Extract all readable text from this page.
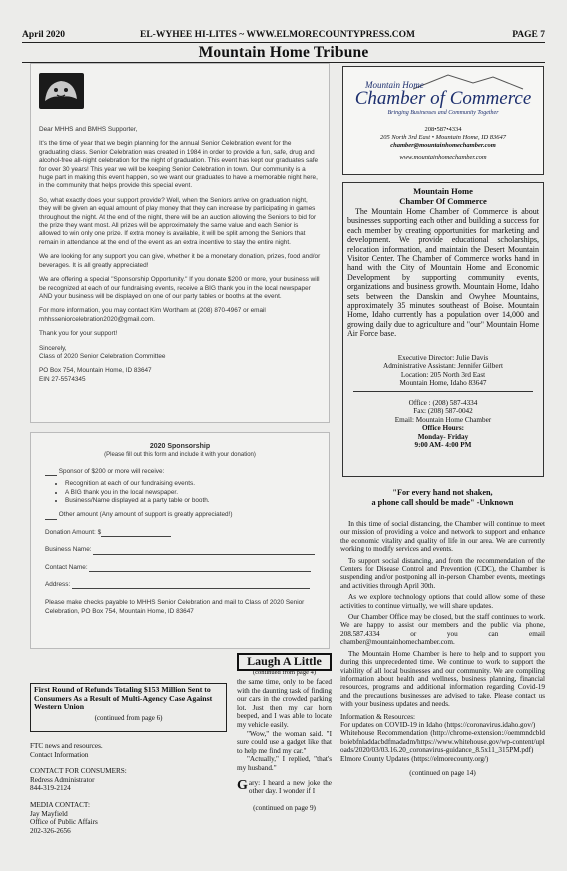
April 2020	EL-WYHEE HI-LITES ~ WWW.ELMORECOUNTYPRESS.COM	PAGE 7
Mountain Home Tribune

Dear MHHS and BMHS Supporter,

It's the time of year that we begin planning for the annual Senior Celebration event for the graduating class. Senior Celebration was created in 1984 in order to provide a fun, safe, drug and alcohol-free all-night celebration for the night of graduation. This event has kept our graduates safe for over 30 years! This year we will be keeping Senior Celebration in town. Our community is a huge part in making this event happen, so we want our graduates to have a memorable night here, in the community that helps provide this special event.

So, what exactly does your support provide? Well, when the Seniors arrive on graduation night, they will be given an equal amount of play money that they can increase by participating in games throughout the night. At the end of the night, there will be an auction allowing the Seniors to bid for the prize they want most. All prizes will be approximately the same value and each Senior is allowed to win only one prize. If extra money is available, it will be split among the Seniors that remain in attendance at the end of the event as an extra incentive to stay the entire night.

We are looking for any support you can give, whether it be a monetary donation, prizes, food and/or beverages. It is all greatly appreciated!

We are offering a special "Sponsorship Opportunity." If you donate $200 or more, your business will be recognized at each of our fundraising events, receive a BIG thank you in the local newspaper AND your business will be displayed on one of our party tables or booths at the event.

For more information, you may contact Kim Wortham at (208) 870-4967 or email mhhsseniorcelebration2020@gmail.com.

Thank you for your support!

Sincerely,
Class of 2020 Senior Celebration Committee
PO Box 754, Mountain Home, ID 83647
EIN 27-5574345
2020 Sponsorship
(Please fill out this form and include it with your donation)
Sponsor of $200 or more will receive:
• Recognition at each of our fundraising events.
• A BIG thank you in the local newspaper.
• Business/Name displayed at a party table or booth.
Other amount (Any amount of support is greatly appreciated!)
Donation Amount: $
Business Name:
Contact Name:
Address:
Please make checks payable to MHHS Senior Celebration and mail to Class of 2020 Senior Celebration, PO Box 754, Mountain Home, ID 83647
Mountain Home
Chamber of Commerce
Bringing Businesses and Community Together
208•587•4334
205 North 3rd East • Mountain Home, ID 83647
chamber@mountainhomechamber.com
www.mountainhomechamber.com
Mountain Home
Chamber Of Commerce
The Mountain Home Chamber of Commerce is about businesses supporting each other and building a success for each member by creating opportunities for marketing and development. We provide educational scholarships, relocation information, and maintain the Desert Mountain Visitor Center. The Chamber of Commerce works hand in hand with the City of Mountain Home and Economic Development by supporting community events, organizations and business growth. Mountain Home, Idaho sets between the Danskin and Owyhee Mountains, approximately 35 minutes southeast of Boise. Mountain Home, Idaho currently has a population over 14,000 and growing daily due to agriculture and "our" Mountain Home Air Force base.
Executive Director: Julie Davis
Administrative Assistant: Jennifer Gilbert
Location: 205 North 3rd East
Mountain Home, Idaho 83647
Office : (208) 587-4334
Fax: (208) 587-0042
Email: Mountain Home Chamber
Office Hours:
Monday- Friday
9:00 AM- 4:00 PM
Laugh A Little
(continued from page 4)
the same time, only to be faced with the daunting task of finding our cars in the crowded parking lot. Just then my car horn beeped, and I was able to locate my vehicle easily.
"Wow," the woman said. "I sure could use a gadget like that to help me find my car."
"Actually," I replied, "that's my husband."
G ary: I heard a new joke the other day. I wonder if I
(continued on page 9)
First Round of Refunds Totaling $153 Million Sent to Consumers As a Result of Multi-Agency Case Against Western Union
(continued from page 6)
FTC news and resources.
Contact Information
CONTACT FOR CONSUMERS:
Redress Administrator
844-319-2124
MEDIA CONTACT:
Jay Mayfield
Office of Public Affairs
202-326-2656
"For every hand not shaken,
a phone call should be made" -Unknown

In this time of social distancing, the Chamber will continue to meet our mission of providing a voice and network to support and enhance the economic vitality and quality of life in our area. We are currently working to modify services and events.

To support social distancing, and from the recommendation of the Centers for Disease Control and Prevention (CDC), the Chamber is suspending and/or postponing all in-person Chamber events, meetings and activities through April 30th.

As we explore technology options that could allow some of these activities to continue virtually, we will share updates.

Our Chamber Office may be closed, but the staff continues to work. We are happy to assist our members and the public via phone, 208.587.4334 or you can email chamber@mountainhomechamber.com.

The Mountain Home Chamber is here to help and to support you during this unprecedented time. We continue to work to support the viability of all local businesses and our community. We are compiling information about health and wellness, business planning, financial resources, programs and additional information regarding Covid-19 and the precautions businesses are advised to take. Please contact us with your business updates and needs.

Information & Resources:
For updates on COVID-19 in Idaho (https://coronavirus.idaho.gov/)
Whitehouse Recommendation (http://chrome-extension://oemmndcbldboiebfnladdacbdfmadadm/https://www.whitehouse.gov/wp-content/uploads/2020/03/03.16.20_coronavirus-guidance_8.5x11_315PM.pdf)
Elmore County Updates (https://elmorecounty.org/)
(continued on page 14)
